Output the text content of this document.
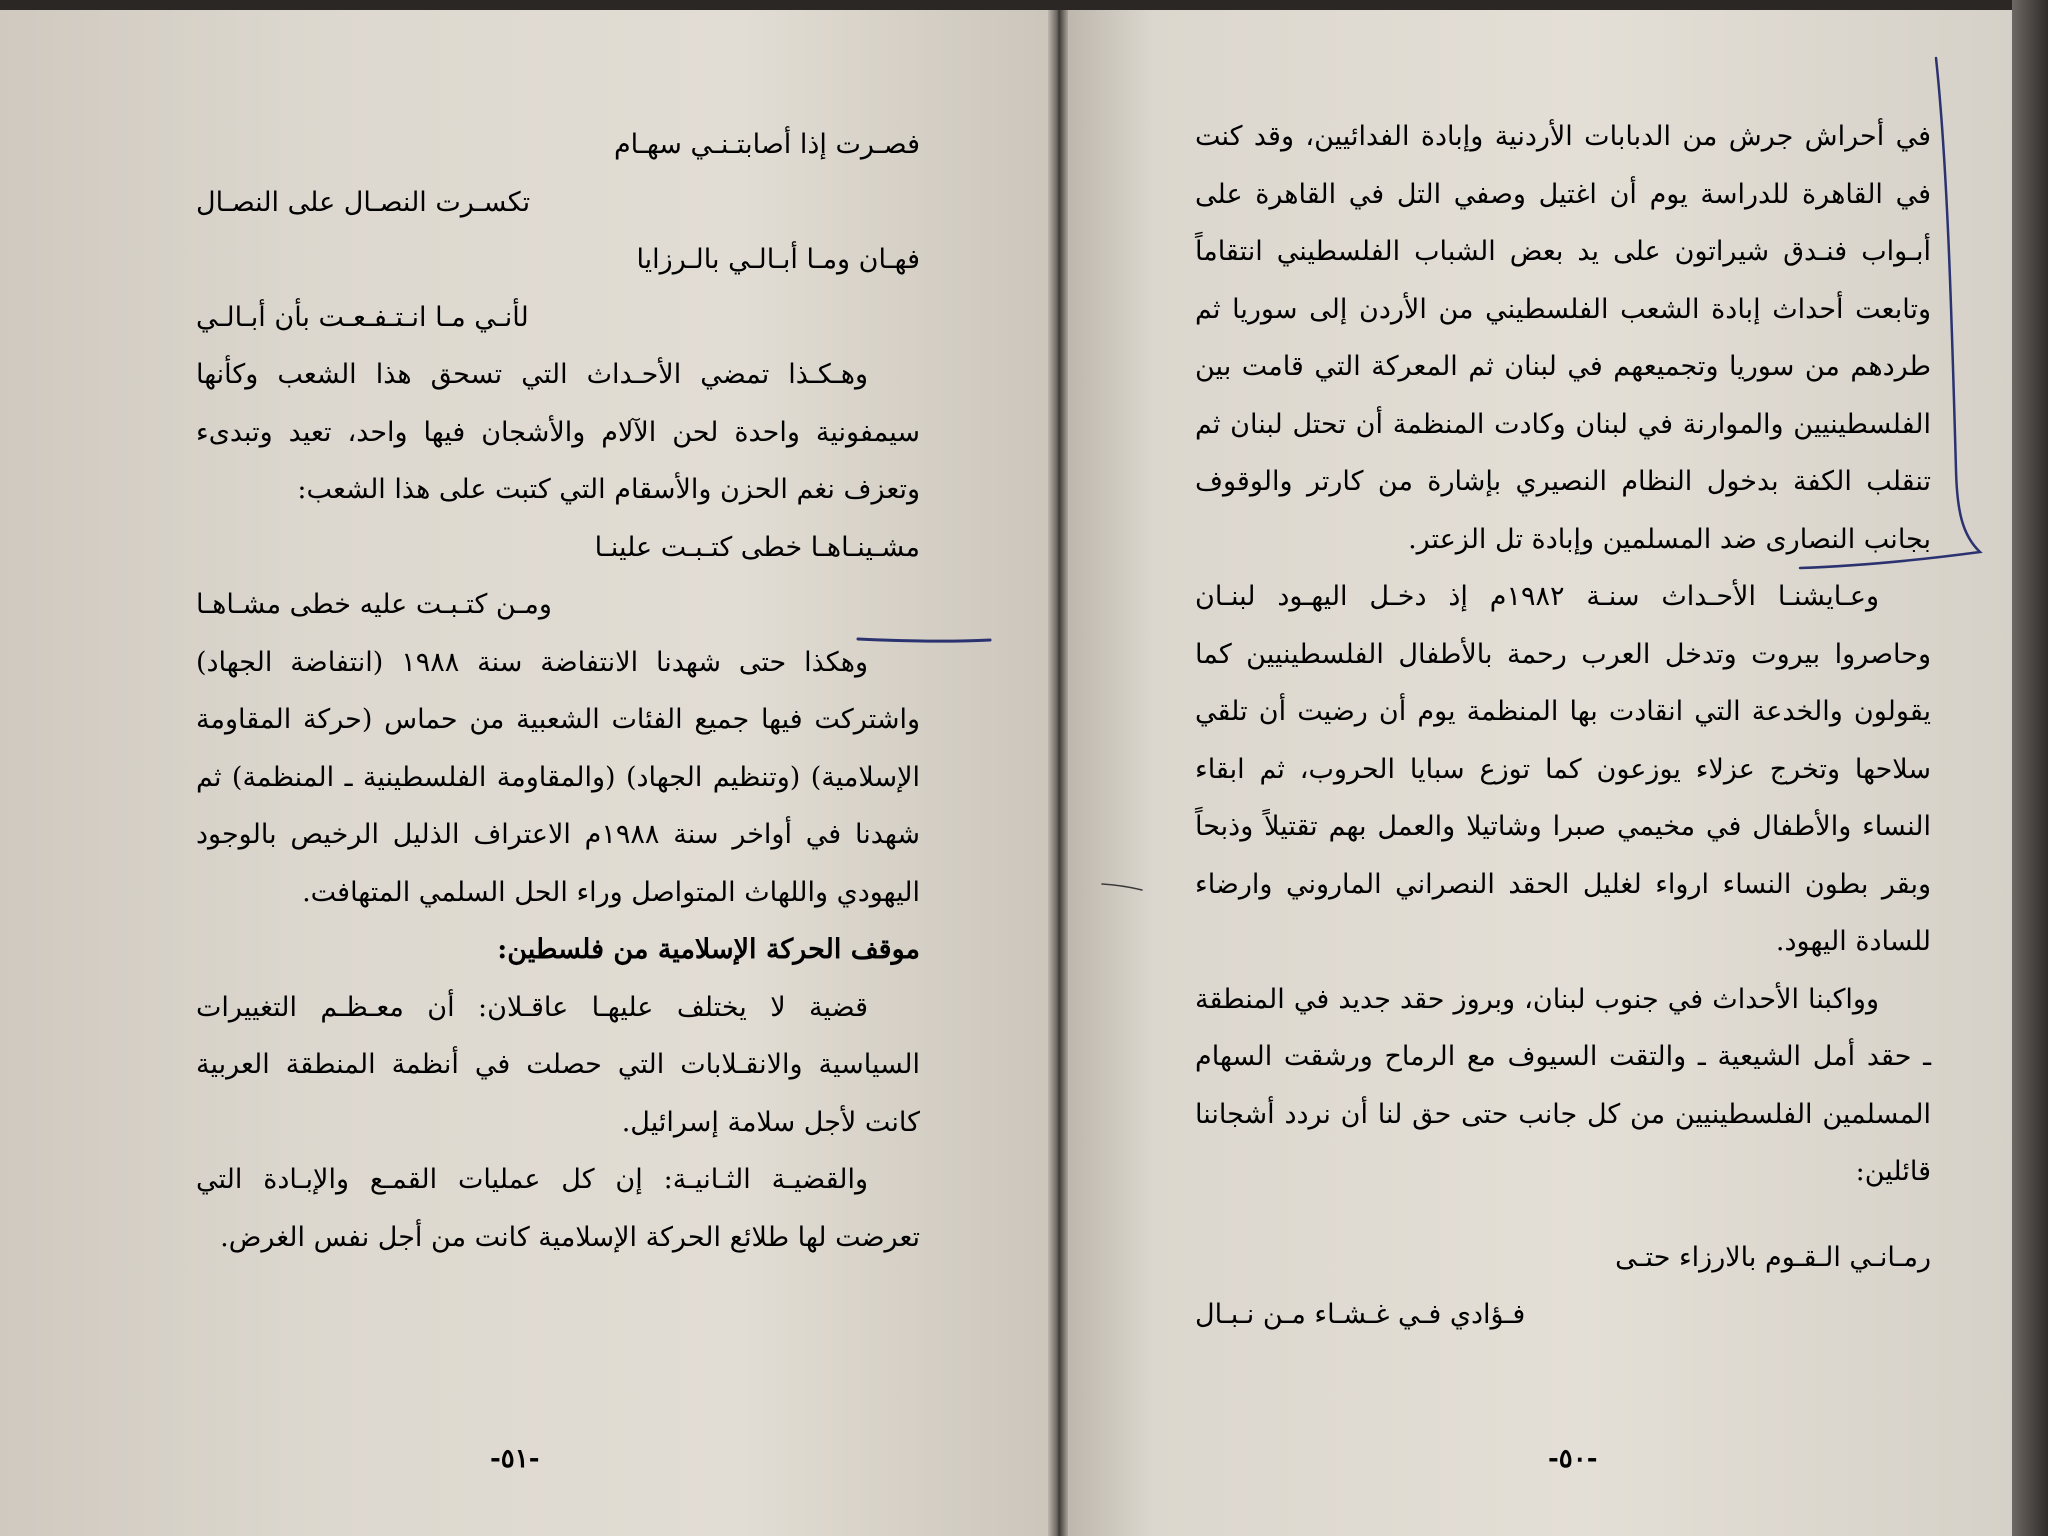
فصـرت إذا أصابتـنـي سهـام

تكسـرت النصـال على النصـال

فهـان ومـا أبـالـي بالـرزايا

لأنـي مـا انـتـفـعـت بأن أبـالـي

وهـكـذا تمضي الأحـداث التي تسحق هذا الشعب وكأنها سيمفونية واحدة لحن الآلام والأشجان فيها واحد، تعيد وتبدىء وتعزف نغم الحزن والأسقام التي كتبت على هذا الشعب:

مشـينـاهـا خطى كتـبـت علينـا

ومـن كتـبـت عليه خطى مشـاهـا

وهكذا حتى شهدنا الانتفاضة سنة ١٩٨٨ (انتفاضة الجهاد) واشتركت فيها جميع الفئات الشعبية من حماس (حركة المقاومة الإسلامية) (وتنظيم الجهاد) (والمقاومة الفلسطينية ـ المنظمة) ثم شهدنا في أواخر سنة ١٩٨٨م الاعتراف الذليل الرخيص بالوجود اليهودي واللهاث المتواصل وراء الحل السلمي المتهافت.

موقف الحركة الإسلامية من فلسطين:

قضية لا يختلف عليهـا عاقـلان: أن معـظـم التغييرات السياسية والانقـلابات التي حصلت في أنظمة المنطقة العربية كانت لأجل سلامة إسرائيل.

والقضيـة الثـانيـة: إن كل عمليات القمـع والإبـادة التي تعرضت لها طلائع الحركة الإسلامية كانت من أجل نفس الغرض.

-٥١-

في أحراش جرش من الدبابات الأردنية وإبادة الفدائيين، وقد كنت في القاهرة للدراسة يوم أن اغتيل وصفي التل في القاهرة على أبـواب فنـدق شيراتون على يد بعض الشباب الفلسطيني انتقاماً وتابعت أحداث إبادة الشعب الفلسطيني من الأردن إلى سوريا ثم طردهم من سوريا وتجميعهم في لبنان ثم المعركة التي قامت بين الفلسطينيين والموارنة في لبنان وكادت المنظمة أن تحتل لبنان ثم تنقلب الكفة بدخول النظام النصيري بإشارة من كارتر والوقوف بجانب النصارى ضد المسلمين وإبادة تل الزعتر.

وعـايشنـا الأحـداث سنـة ١٩٨٢م إذ دخـل اليهـود لبنـان وحاصروا بيروت وتدخل العرب رحمة بالأطفال الفلسطينيين كما يقولون والخدعة التي انقادت بها المنظمة يوم أن رضيت أن تلقي سلاحها وتخرج عزلاء يوزعون كما توزع سبايا الحروب، ثم ابقاء النساء والأطفال في مخيمي صبرا وشاتيلا والعمل بهم تقتيلاً وذبحاً وبقر بطون النساء ارواء لغليل الحقد النصراني الماروني وارضاء للسادة اليهود.

وواكبنا الأحداث في جنوب لبنان، وبروز حقد جديد في المنطقة ـ حقد أمل الشيعية ـ والتقت السيوف مع الرماح ورشقت السهام المسلمين الفلسطينيين من كل جانب حتى حق لنا أن نردد أشجاننا قائلين:

رمـانـي الـقـوم بالارزاء حتـى

فـؤادي فـي غـشـاء مـن نـبـال

-٥٠-
